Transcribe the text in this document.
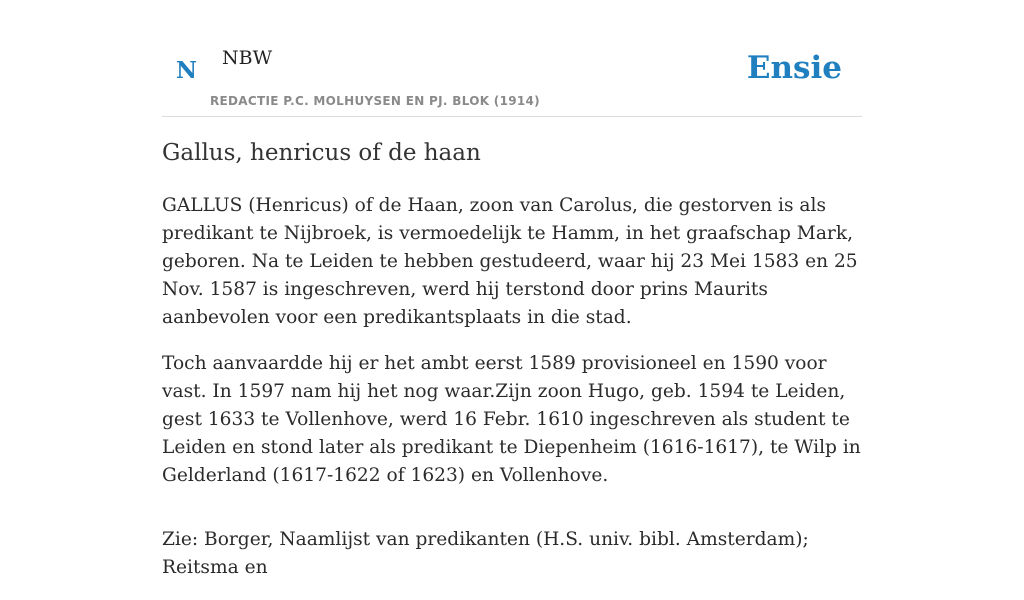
N NBW
REDACTIE P.C. MOLHUYSEN EN PJ. BLOK (1914)
Ensie
Gallus, henricus of de haan

GALLUS (Henricus) of de Haan, zoon van Carolus, die gestorven is als predikant te Nijbroek, is vermoedelijk te Hamm, in het graafschap Mark, geboren. Na te Leiden te hebben gestudeerd, waar hij 23 Mei 1583 en 25 Nov. 1587 is ingeschreven, werd hij terstond door prins Maurits aanbevolen voor een predikantsplaats in die stad.

Toch aanvaardde hij er het ambt eerst 1589 provisioneel en 1590 voor vast. In 1597 nam hij het nog waar.Zijn zoon Hugo, geb. 1594 te Leiden, gest 1633 te Vollenhove, werd 16 Febr. 1610 ingeschreven als student te Leiden en stond later als predikant te Diepenheim (1616-1617), te Wilp in Gelderland (1617-1622 of 1623) en Vollenhove.

Zie: Borger, Naamlijst van predikanten (H.S. univ. bibl. Amsterdam); Reitsma en
